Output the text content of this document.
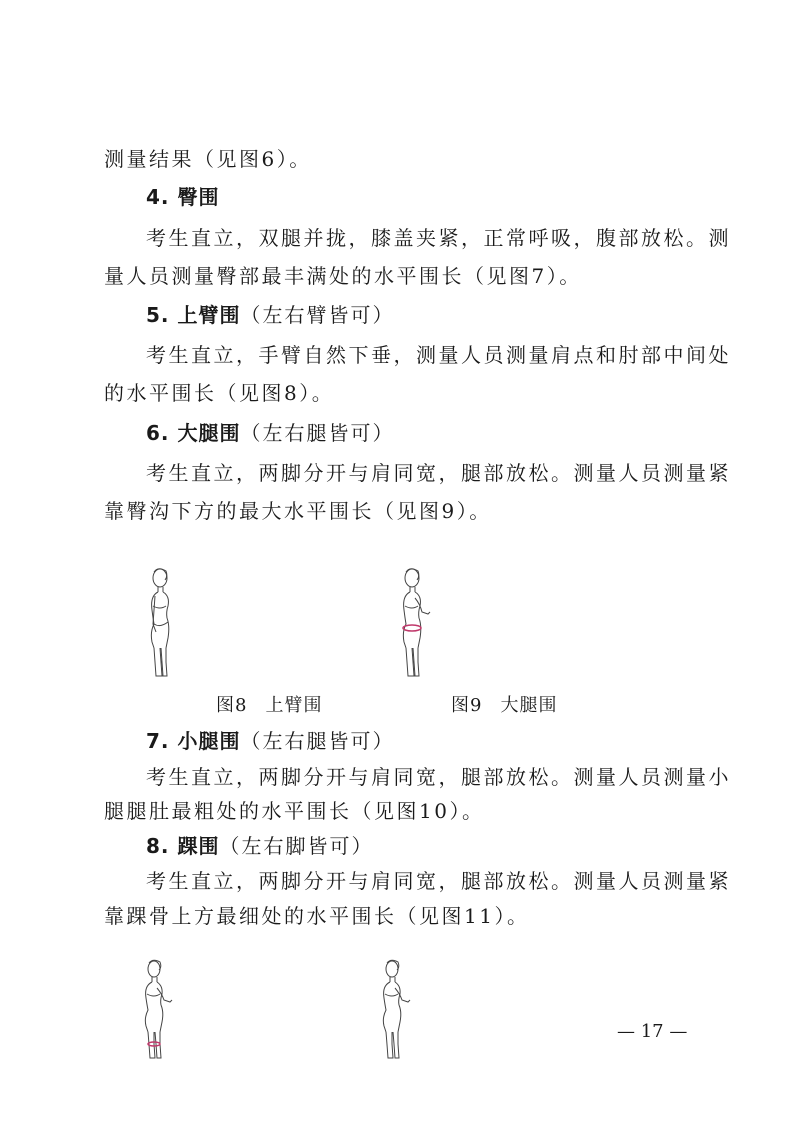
测量结果（见图6）。
4. 臀围
考生直立，双腿并拢，膝盖夹紧，正常呼吸，腹部放松。测
量人员测量臀部最丰满处的水平围长（见图7）。
5. 上臂围（左右臂皆可）
考生直立，手臂自然下垂，测量人员测量肩点和肘部中间处
的水平围长（见图8）。
6. 大腿围（左右腿皆可）
考生直立，两脚分开与肩同宽，腿部放松。测量人员测量紧
靠臀沟下方的最大水平围长（见图9）。
图8 上臂围	图9 大腿围
7. 小腿围（左右腿皆可）
考生直立，两脚分开与肩同宽，腿部放松。测量人员测量小
腿腿肚最粗处的水平围长（见图10）。
8. 踝围（左右脚皆可）
考生直立，两脚分开与肩同宽，腿部放松。测量人员测量紧
靠踝骨上方最细处的水平围长（见图11）。
— 17 —
